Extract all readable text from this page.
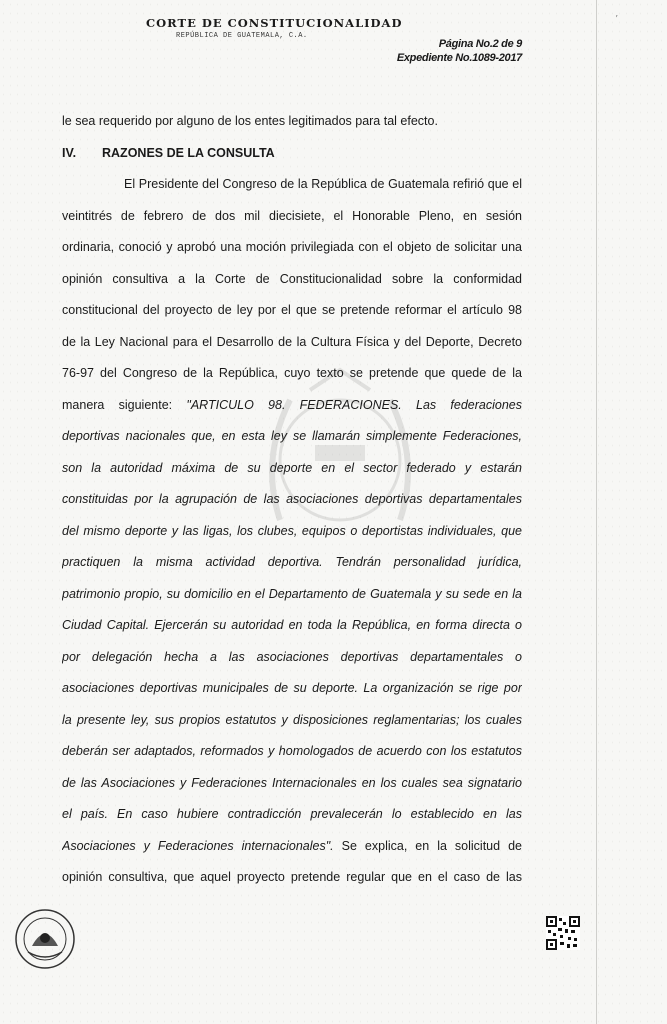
′
CORTE DE CONSTITUCIONALIDAD
REPÚBLICA DE GUATEMALA, C.A.
Página No.2 de 9
Expediente No.1089-2017
le sea requerido por alguno de los entes legitimados para tal efecto.
IV. RAZONES DE LA CONSULTA
El Presidente del Congreso de la República de Guatemala refirió que el
veintitrés de febrero de dos mil diecisiete, el Honorable Pleno, en sesión
ordinaria, conoció y aprobó una moción privilegiada con el objeto de solicitar una
opinión consultiva a la Corte de Constitucionalidad sobre la conformidad
constitucional del proyecto de ley por el que se pretende reformar el artículo 98
de la Ley Nacional para el Desarrollo de la Cultura Física y del Deporte, Decreto
76-97 del Congreso de la República, cuyo texto se pretende que quede de la
manera siguiente: "ARTICULO 98. FEDERACIONES. Las federaciones
deportivas nacionales que, en esta ley se llamarán simplemente Federaciones,
son la autoridad máxima de su deporte en el sector federado y estarán
constituidas por la agrupación de las asociaciones deportivas departamentales
del mismo deporte y las ligas, los clubes, equipos o deportistas individuales, que
practiquen la misma actividad deportiva. Tendrán personalidad jurídica,
patrimonio propio, su domicilio en el Departamento de Guatemala y su sede en la
Ciudad Capital. Ejercerán su autoridad en toda la República, en forma directa o
por delegación hecha a las asociaciones deportivas departamentales o
asociaciones deportivas municipales de su deporte. La organización se rige por
la presente ley, sus propios estatutos y disposiciones reglamentarias; los cuales
deberán ser adaptados, reformados y homologados de acuerdo con los estatutos
de las Asociaciones y Federaciones Internacionales en los cuales sea signatario
el país. En caso hubiere contradicción prevalecerán lo establecido en las
Asociaciones y Federaciones internacionales". Se explica, en la solicitud de
opinión consultiva, que aquel proyecto pretende regular que en el caso de las
